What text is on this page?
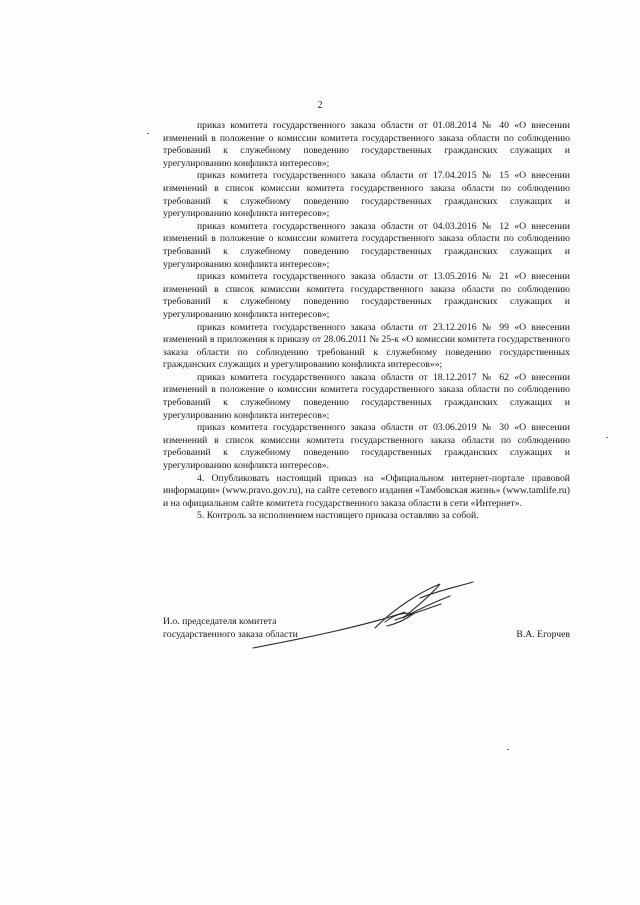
2

приказ комитета государственного заказа области от 01.08.2014 № 40 «О внесении изменений в положение о комиссии комитета государственного заказа области по соблюдению требований к служебному поведению государственных гражданских служащих и урегулированию конфликта интересов»;

приказ комитета государственного заказа области от 17.04.2015 № 15 «О внесении изменений в список комиссии комитета государственного заказа области по соблюдению требований к служебному поведению государственных гражданских служащих и урегулированию конфликта интересов»;

приказ комитета государственного заказа области от 04.03.2016 № 12 «О внесении изменений в положение о комиссии комитета государственного заказа области по соблюдению требований к служебному поведению государственных гражданских служащих и урегулированию конфликта интересов»;

приказ комитета государственного заказа области от 13.05.2016 № 21 «О внесении изменений в список комиссии комитета государственного заказа области по соблюдению требований к служебному поведению государственных гражданских служащих и урегулированию конфликта интересов»;

приказ комитета государственного заказа области от 23.12.2016 № 99 «О внесении изменений в приложения к приказу от 28.06.2011 № 25-к «О комиссии комитета государственного заказа области по соблюдению требований к служебному поведению государственных гражданских служащих и урегулированию конфликта интересов»»;

приказ комитета государственного заказа области от 18.12.2017 № 62 «О внесении изменений в положение о комиссии комитета государственного заказа области по соблюдению требований к служебному поведению государственных гражданских служащих и урегулированию конфликта интересов»;

приказ комитета государственного заказа области от 03.06.2019 № 30 «О внесении изменений в список комиссии комитета государственного заказа области по соблюдению требований к служебному поведению государственных гражданских служащих и урегулированию конфликта интересов».

4. Опубликовать настоящий приказ на «Официальном интернет-портале правовой информации» (www.pravo.gov.ru), на сайте сетевого издания «Тамбовская жизнь» (www.tamlife.ru) и на официальном сайте комитета государственного заказа области в сети «Интернет».

5. Контроль за исполнением настоящего приказа оставляю за собой.

И.о. председателя комитета
государственного заказа области	В.А. Егорчев
